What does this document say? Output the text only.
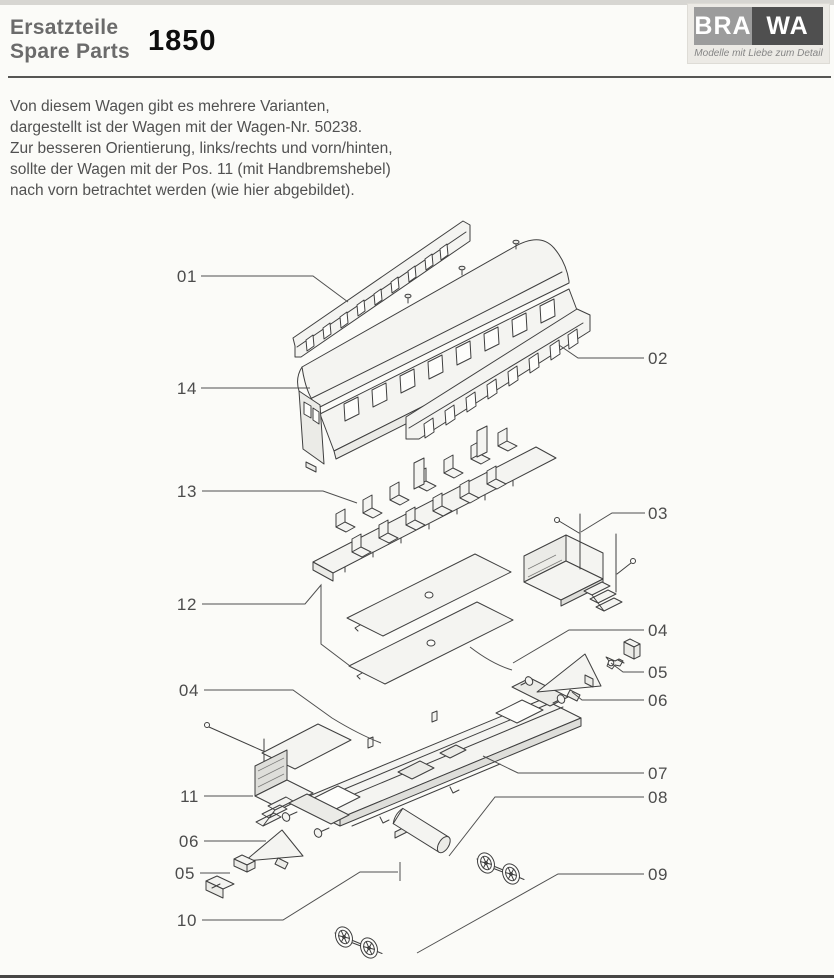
Ersatzteile
Spare Parts 1850	BRA WA
Modelle mit Liebe zum Detail
Von diesem Wagen gibt es mehrere Varianten,
dargestellt ist der Wagen mit der Wagen-Nr. 50238.
Zur besseren Orientierung, links/rechts und vorn/hinten,
sollte der Wagen mit der Pos. 11 (mit Handbremshebel)
nach vorn betrachtet werden (wie hier abgebildet).
01
14
13
12
04
11
06
05
10
02
03
04
05
06
07
08
09
